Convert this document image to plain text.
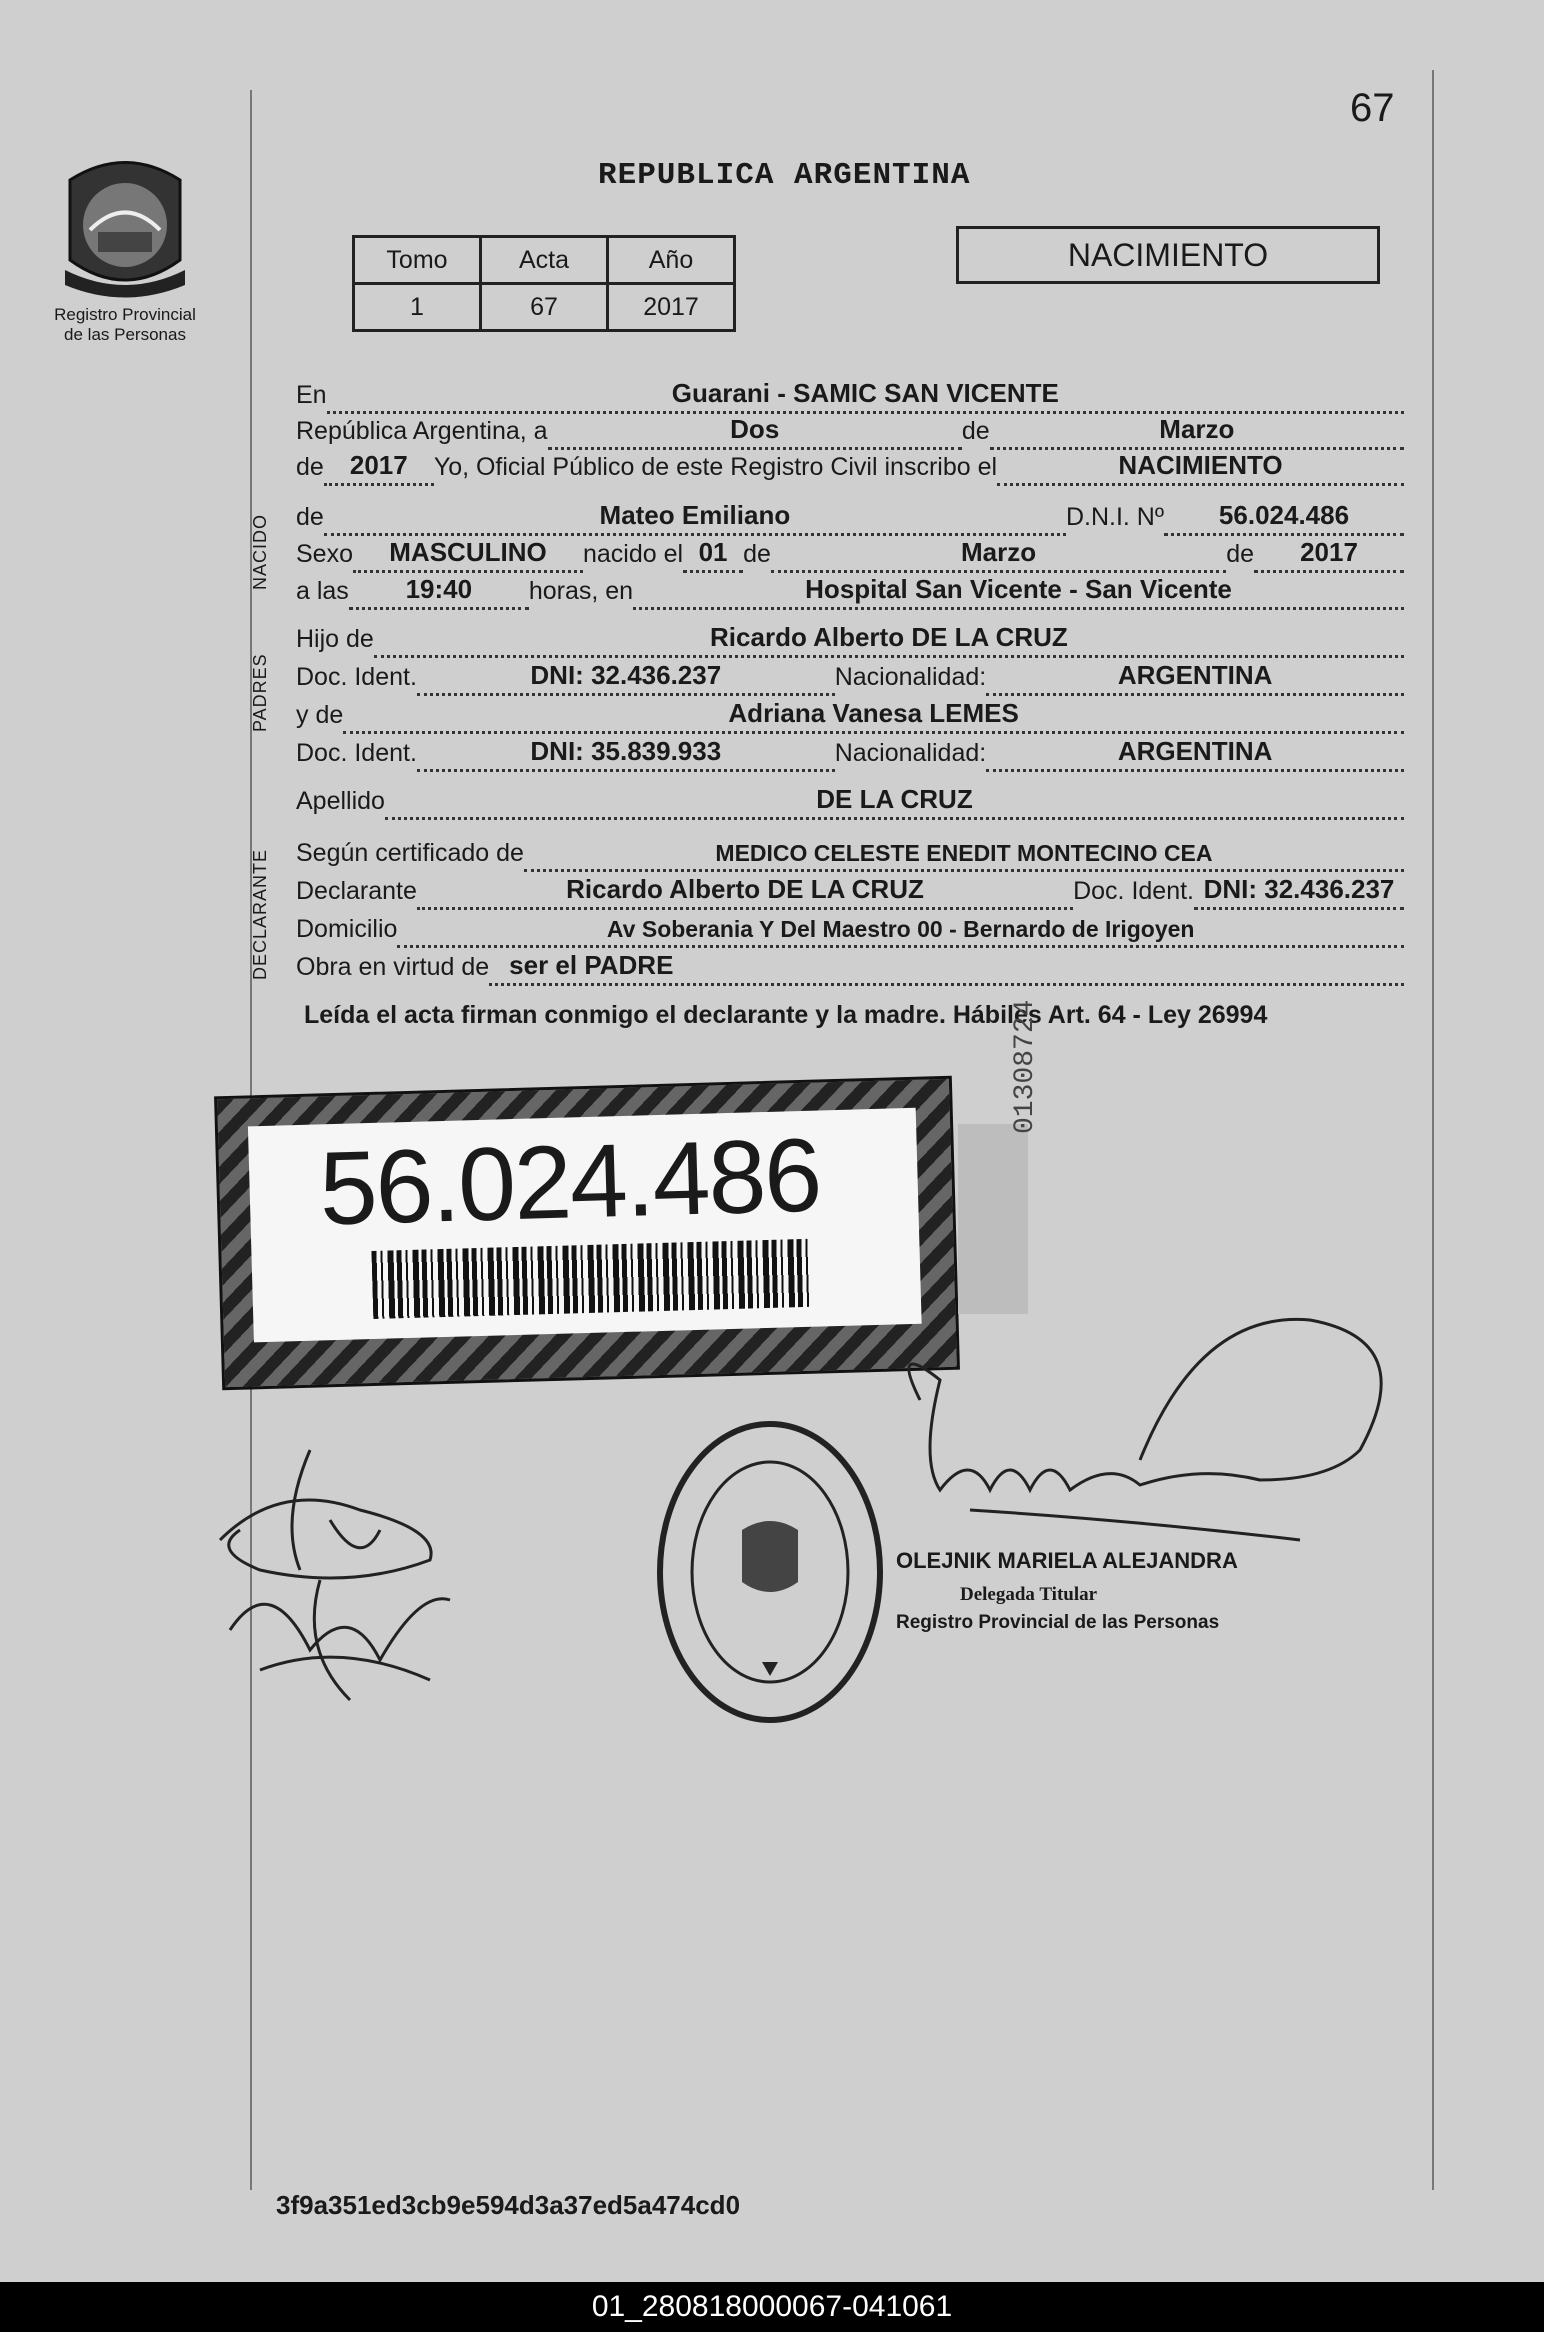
67
Registro Provincial
de las Personas
REPUBLICA ARGENTINA
Tomo	Acta	Año
1	67	2017
NACIMIENTO
En	Guarani - SAMIC SAN VICENTE
República Argentina, a	Dos	de	Marzo
de	2017	Yo, Oficial Público de este Registro Civil inscribo el	NACIMIENTO
NACIDO de	Mateo Emiliano	D.N.I. Nº	56.024.486
Sexo	MASCULINO	nacido el 01 de	Marzo	de	2017
a las	19:40	horas, en	Hospital San Vicente - San Vicente
PADRES
Hijo de	Ricardo Alberto DE LA CRUZ
Doc. Ident.	DNI: 32.436.237	Nacionalidad:	ARGENTINA
y de	Adriana Vanesa LEMES
Doc. Ident.	DNI: 35.839.933	Nacionalidad:	ARGENTINA
Apellido	DE LA CRUZ
DECLARANTE Según certificado de	MEDICO CELESTE ENEDIT MONTECINO CEA
Declarante	Ricardo Alberto DE LA CRUZ	Doc. Ident. DNI: 32.436.237
Domicilio	Av Soberania Y Del Maestro 00 - Bernardo de Irigoyen
Obra en virtud de ser el PADRE
Leída el acta firman conmigo el declarante y la madre. Hábiles Art. 64 - Ley 26994
56.024.486
01308724
OLEJNIK MARIELA ALEJANDRA
Delegada Titular
Registro Provincial de las Personas
3f9a351ed3cb9e594d3a37ed5a474cd0
01_280818000067-041061
